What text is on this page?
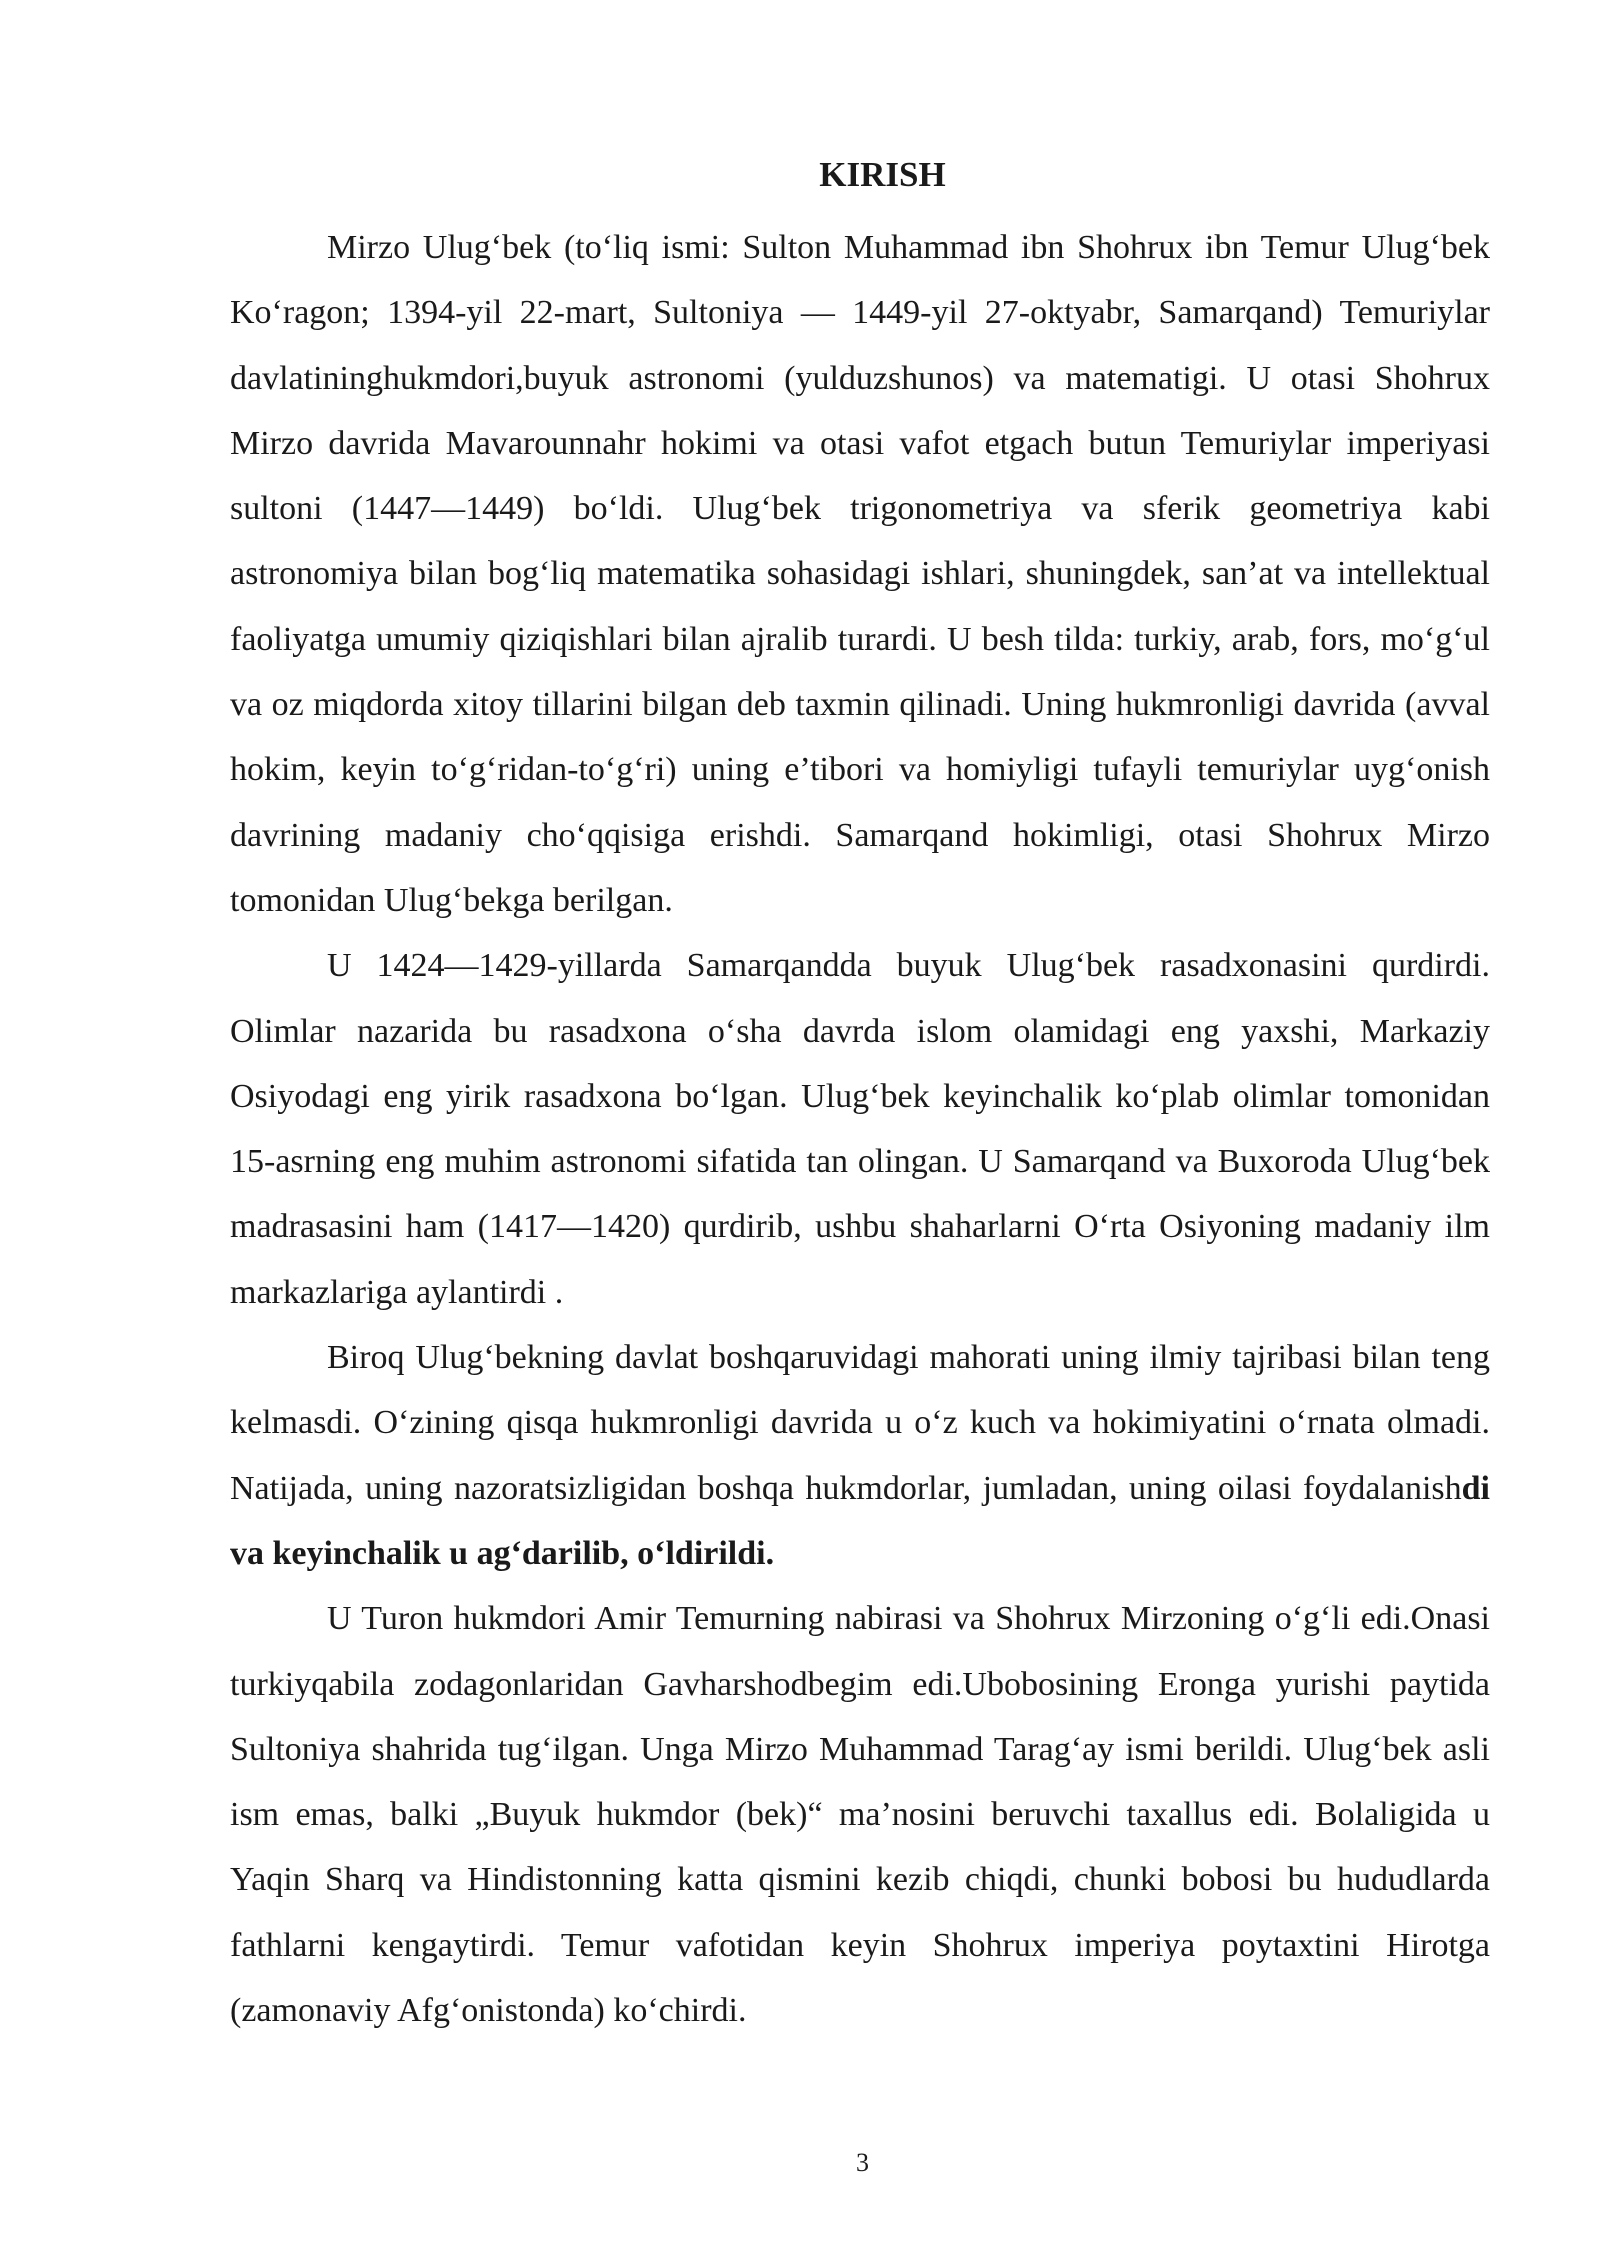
KIRISH

Mirzo Ulug‘bek (to‘liq ismi: Sulton Muhammad ibn Shohrux ibn Temur Ulug‘bek Ko‘ragon; 1394-yil 22-mart, Sultoniya — 1449-yil 27-oktyabr, Samarqand) Temuriylar davlatininghukmdori,buyuk astronomi (yulduzshunos) va matematigi. U otasi Shohrux Mirzo davrida Mavarounnahr hokimi va otasi vafot etgach butun Temuriylar imperiyasi sultoni (1447—1449) bo‘ldi. Ulug‘bek trigonometriya va sferik geometriya kabi astronomiya bilan bog‘liq matematika sohasidagi ishlari, shuningdek, san’at va intellektual faoliyatga umumiy qiziqishlari bilan ajralib turardi. U besh tilda: turkiy, arab, fors, mo‘g‘ul va oz miqdorda xitoy tillarini bilgan deb taxmin qilinadi. Uning hukmronligi davrida (avval hokim, keyin to‘g‘ridan-to‘g‘ri) uning e’tibori va homiyligi tufayli temuriylar uyg‘onish davrining madaniy cho‘qqisiga erishdi. Samarqand hokimligi, otasi Shohrux Mirzo tomonidan Ulug‘bekga berilgan.

U 1424—1429-yillarda Samarqandda buyuk Ulug‘bek rasadxonasini qurdirdi. Olimlar nazarida bu rasadxona o‘sha davrda islom olamidagi eng yaxshi, Markaziy Osiyodagi eng yirik rasadxona bo‘lgan. Ulug‘bek keyinchalik ko‘plab olimlar tomonidan 15-asrning eng muhim astronomi sifatida tan olingan. U Samarqand va Buxoroda Ulug‘bek madrasasini ham (1417—1420) qurdirib, ushbu shaharlarni O‘rta Osiyoning madaniy ilm markazlariga aylantirdi .

Biroq Ulug‘bekning davlat boshqaruvidagi mahorati uning ilmiy tajribasi bilan teng kelmasdi. O‘zining qisqa hukmronligi davrida u o‘z kuch va hokimiyatini o‘rnata olmadi. Natijada, uning nazoratsizligidan boshqa hukmdorlar, jumladan, uning oilasi foydalanishdi va keyinchalik u ag‘darilib, o‘ldirildi.

U Turon hukmdori Amir Temurning nabirasi va Shohrux Mirzoning o‘g‘li edi.Onasi turkiyqabila zodagonlaridan Gavharshodbegim edi.Ubobosining Eronga yurishi paytida Sultoniya shahrida tug‘ilgan. Unga Mirzo Muhammad Tarag‘ay ismi berildi. Ulug‘bek asli ism emas, balki „Buyuk hukmdor (bek)“ ma’nosini beruvchi taxallus edi. Bolaligida u Yaqin Sharq va Hindistonning katta qismini kezib chiqdi, chunki bobosi bu hududlarda fathlarni kengaytirdi. Temur vafotidan keyin Shohrux imperiya poytaxtini Hirotga (zamonaviy Afg‘onistonda) ko‘chirdi.

3
